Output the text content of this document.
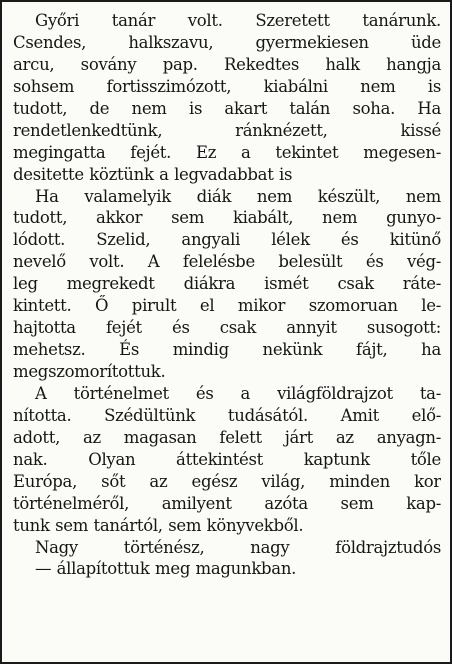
Győri tanár volt. Szeretett tanárunk.
Csendes, halkszavu, gyermekiesen üde
arcu, sovány pap. Rekedtes halk hangja
sohsem fortisszimózott, kiabálni nem is
tudott, de nem is akart talán soha. Ha
rendetlenkedtünk, ránknézett, kissé
megingatta fejét. Ez a tekintet megesen-
desitette köztünk a legvadabbat is
Ha valamelyik diák nem készült, nem
tudott, akkor sem kiabált, nem gunyo-
lódott. Szelid, angyali lélek és kitünő
nevelő volt. A felelésbe belesült és vég-
leg megrekedt diákra ismét csak ráte-
kintett. Ő pirult el mikor szomoruan le-
hajtotta fejét és csak annyit susogott:
mehetsz. És mindig nekünk fájt, ha
megszomorítottuk.
A történelmet és a világföldrajzot ta-
nította. Szédültünk tudásától. Amit elő-
adott, az magasan felett járt az anyagn-
nak. Olyan áttekintést kaptunk tőle
Európa, sőt az egész világ, minden kor
történelméről, amilyent azóta sem kap-
tunk sem tanártól, sem könyvekből.
Nagy történész, nagy földrajztudós
— állapítottuk meg magunkban.
